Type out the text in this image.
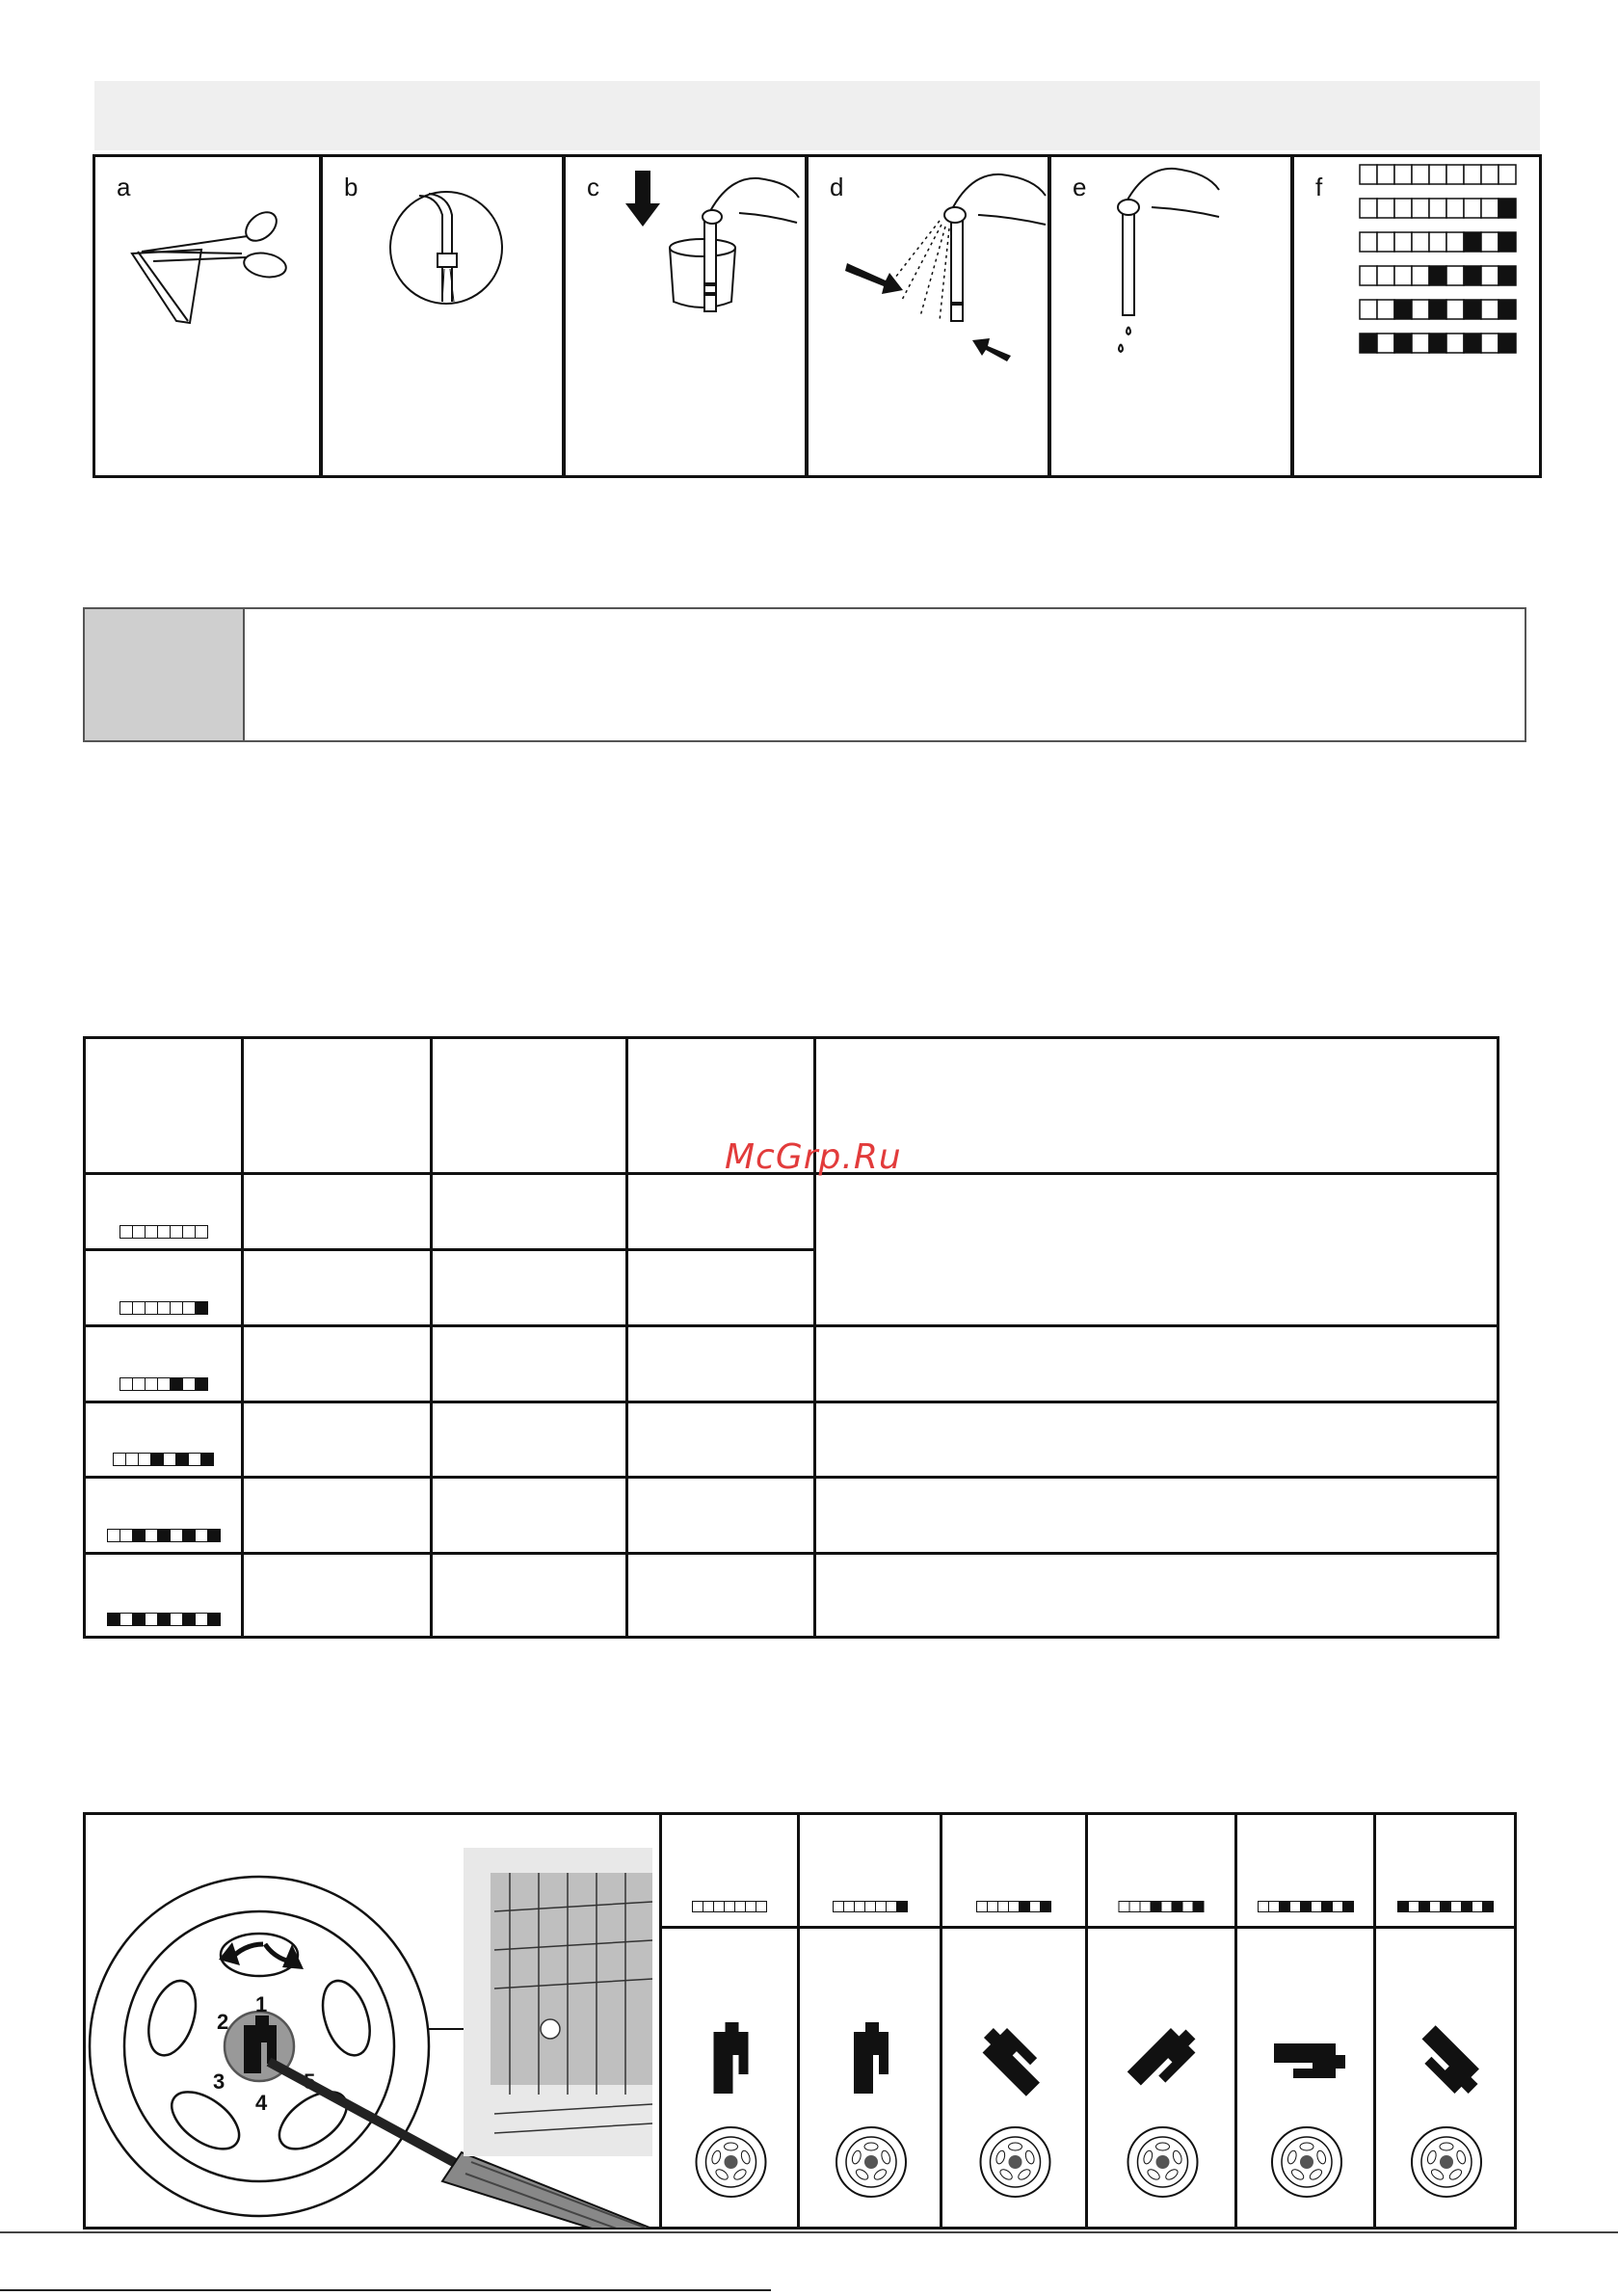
a	b	c	d	e	f

McGrp.Ru
1
2
3
4
